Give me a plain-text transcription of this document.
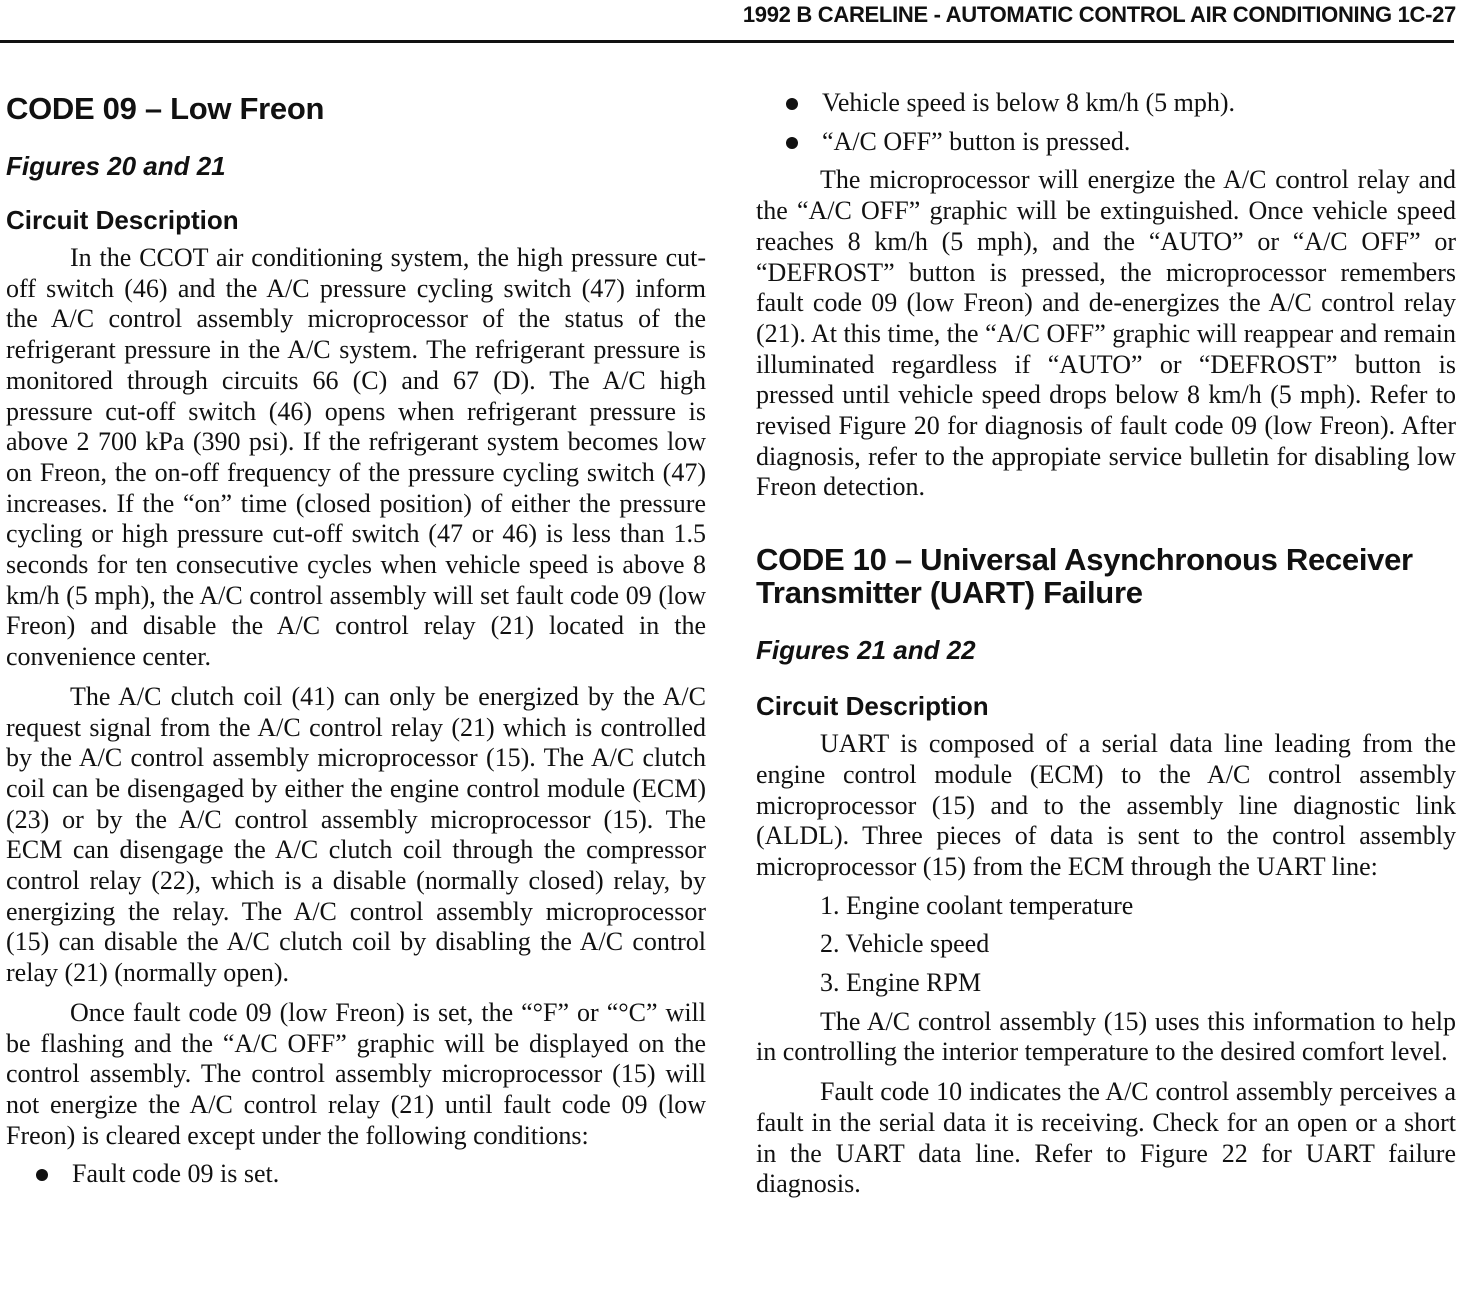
1992 B CARELINE - AUTOMATIC CONTROL AIR CONDITIONING 1C-27
CODE 09 – Low Freon
Figures 20 and 21
Circuit Description

In the CCOT air conditioning system, the high pressure cut-off switch (46) and the A/C pressure cycling switch (47) inform the A/C control assembly microprocessor of the status of the refrigerant pressure in the A/C system. The refrigerant pressure is monitored through circuits 66 (C) and 67 (D). The A/C high pressure cut-off switch (46) opens when refrigerant pressure is above 2 700 kPa (390 psi). If the refrigerant system becomes low on Freon, the on-off frequency of the pressure cycling switch (47) increases. If the “on” time (closed position) of either the pressure cycling or high pressure cut-off switch (47 or 46) is less than 1.5 seconds for ten consecutive cycles when vehicle speed is above 8 km/h (5 mph), the A/C control assembly will set fault code 09 (low Freon) and disable the A/C control relay (21) located in the convenience center.

The A/C clutch coil (41) can only be energized by the A/C request signal from the A/C control relay (21) which is controlled by the A/C control assembly microprocessor (15). The A/C clutch coil can be disengaged by either the engine control module (ECM) (23) or by the A/C control assembly microprocessor (15). The ECM can disengage the A/C clutch coil through the compressor control relay (22), which is a disable (normally closed) relay, by energizing the relay. The A/C control assembly microprocessor (15) can disable the A/C clutch coil by disabling the A/C control relay (21) (normally open).

Once fault code 09 (low Freon) is set, the “°F” or “°C” will be flashing and the “A/C OFF” graphic will be displayed on the control assembly. The control assembly microprocessor (15) will not energize the A/C control relay (21) until fault code 09 (low Freon) is cleared except under the following conditions:

Fault code 09 is set.
Vehicle speed is below 8 km/h (5 mph).
“A/C OFF” button is pressed.

The microprocessor will energize the A/C control relay and the “A/C OFF” graphic will be extinguished. Once vehicle speed reaches 8 km/h (5 mph), and the “AUTO” or “A/C OFF” or “DEFROST” button is pressed, the microprocessor remembers fault code 09 (low Freon) and de-energizes the A/C control relay (21). At this time, the “A/C OFF” graphic will reappear and remain illuminated regardless if “AUTO” or “DEFROST” button is pressed until vehicle speed drops below 8 km/h (5 mph). Refer to revised Figure 20 for diagnosis of fault code 09 (low Freon). After diagnosis, refer to the appropiate service bulletin for disabling low Freon detection.

CODE 10 – Universal Asynchronous Receiver Transmitter (UART) Failure
Figures 21 and 22
Circuit Description

UART is composed of a serial data line leading from the engine control module (ECM) to the A/C control assembly microprocessor (15) and to the assembly line diagnostic link (ALDL). Three pieces of data is sent to the control assembly microprocessor (15) from the ECM through the UART line:

1. Engine coolant temperature
2. Vehicle speed
3. Engine RPM

The A/C control assembly (15) uses this information to help in controlling the interior temperature to the desired comfort level.

Fault code 10 indicates the A/C control assembly perceives a fault in the serial data it is receiving. Check for an open or a short in the UART data line. Refer to Figure 22 for UART failure diagnosis.
